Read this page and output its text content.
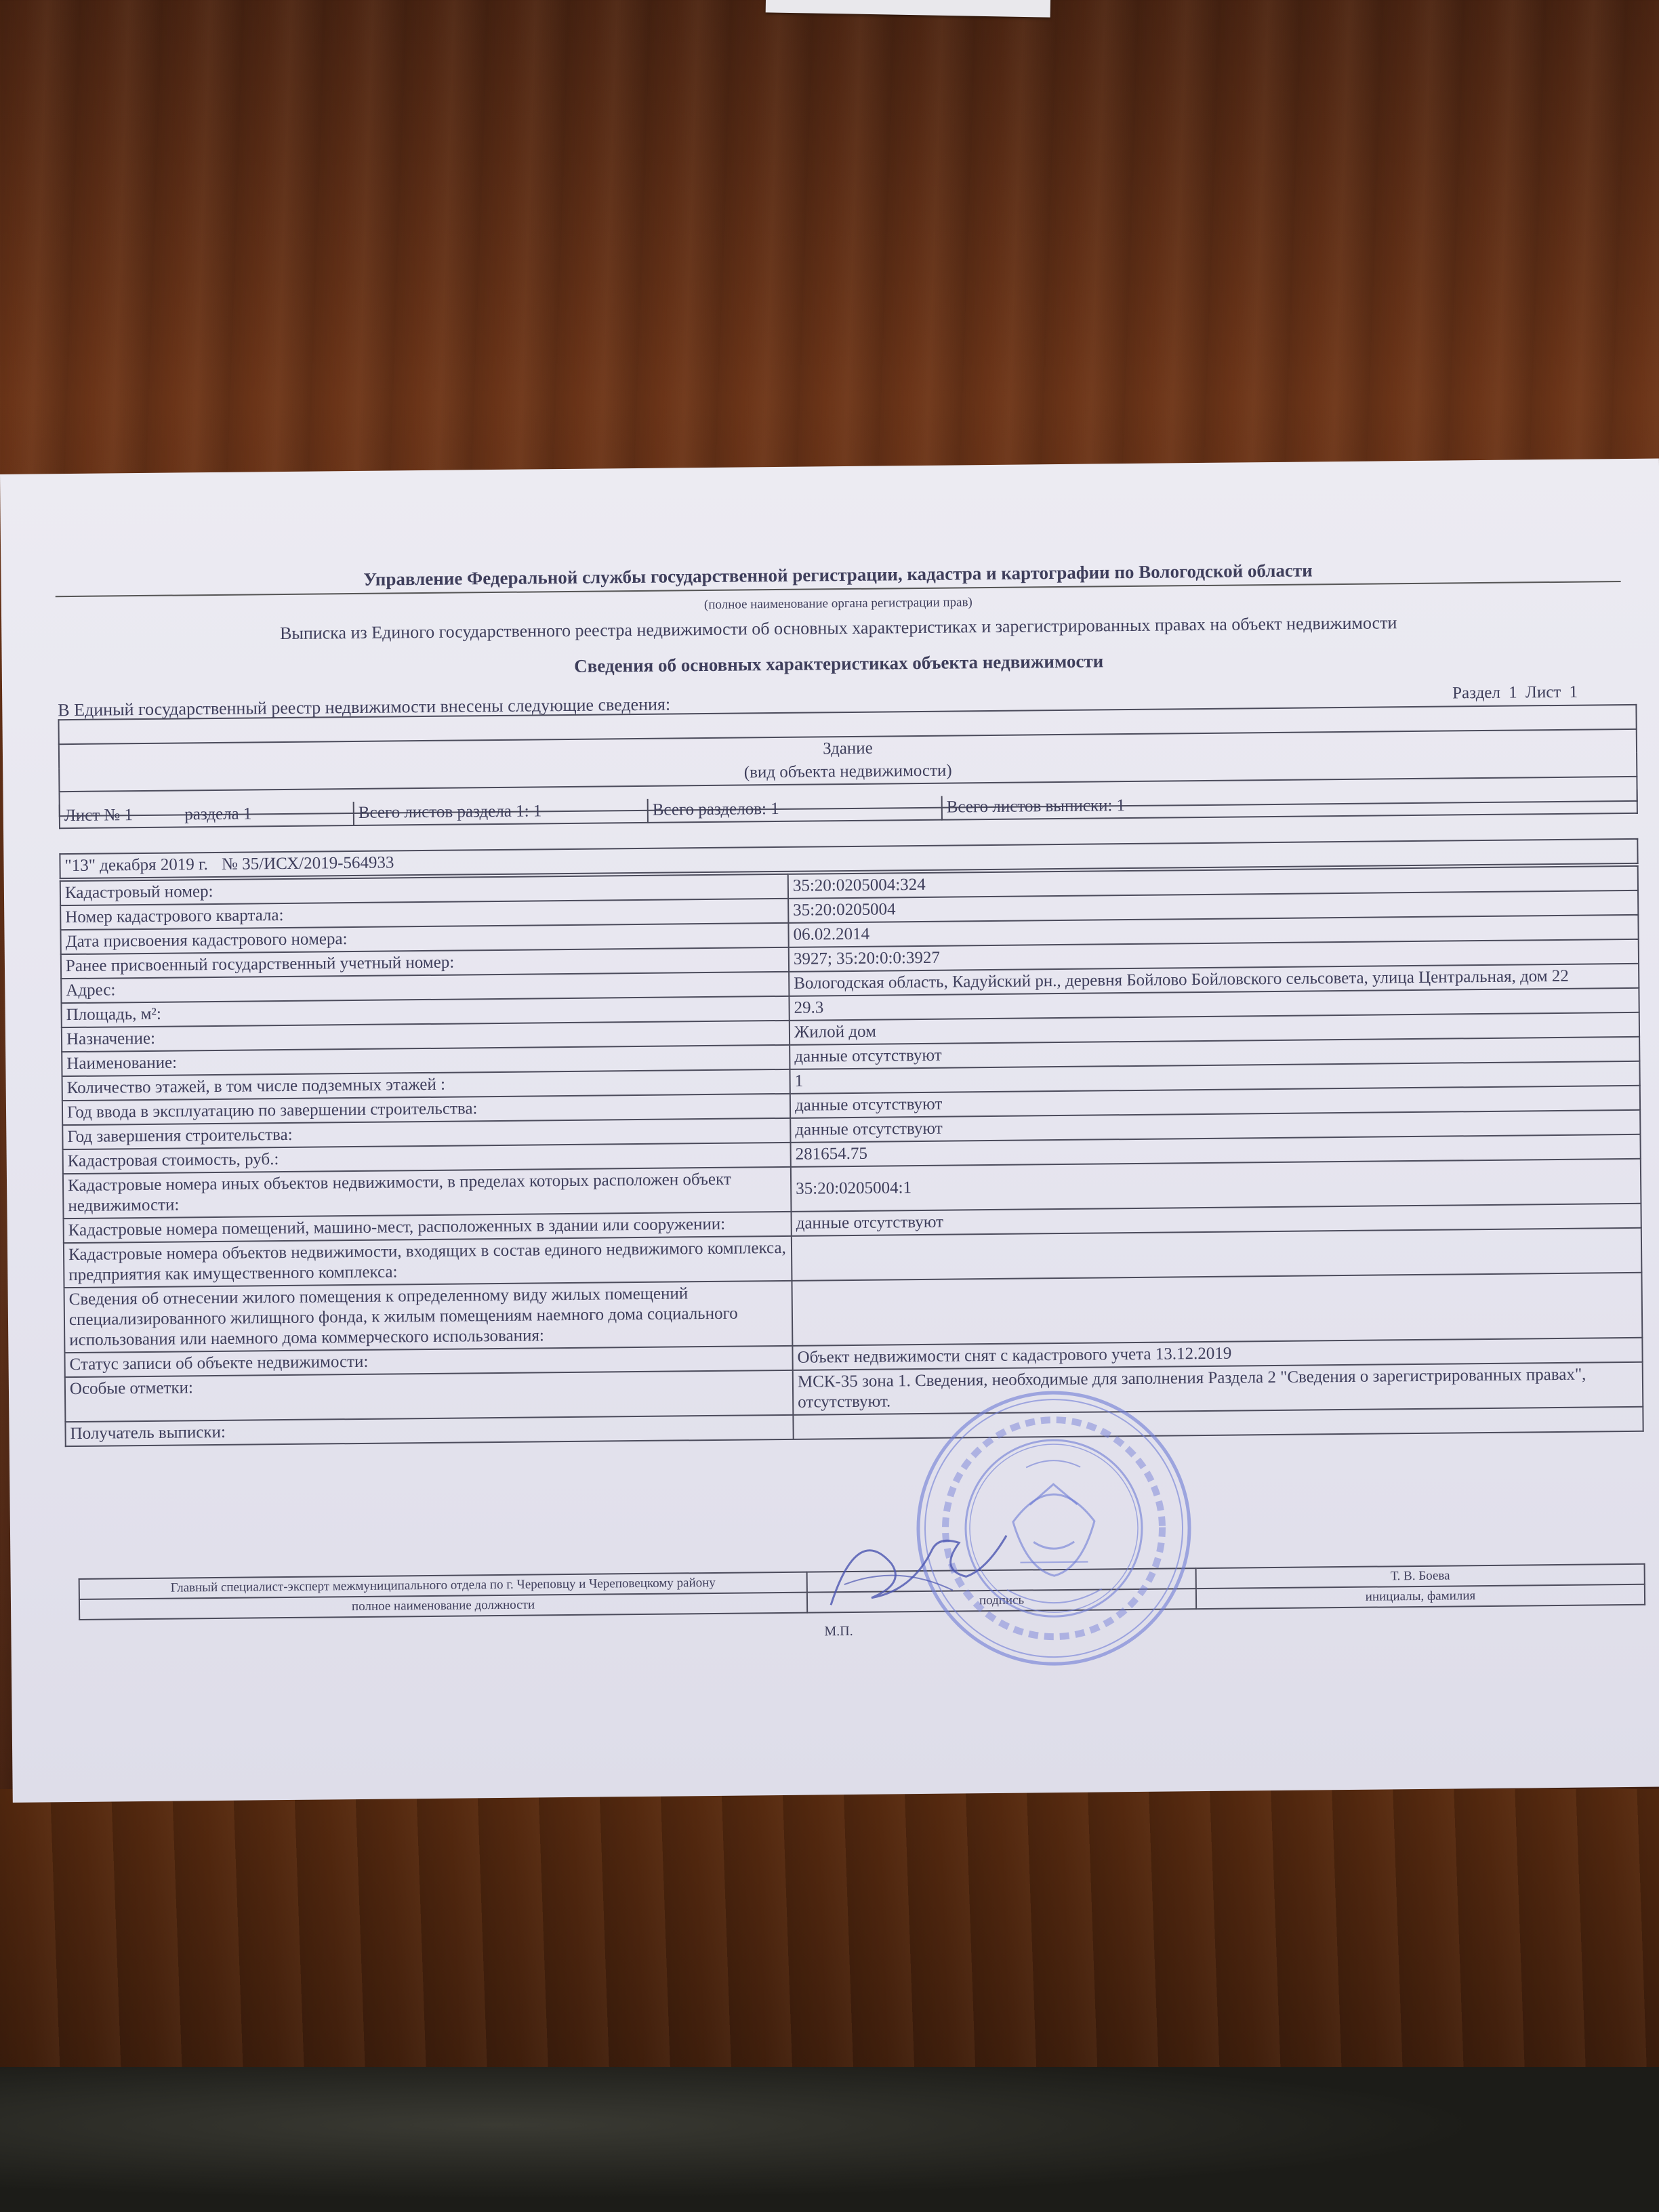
Управление Федеральной службы государственной регистрации, кадастра и картографии по Вологодской области
(полное наименование органа регистрации прав)
Выписка из Единого государственного реестра недвижимости об основных характеристиках и зарегистрированных правах на объект недвижимости
Сведения об основных характеристиках объекта недвижимости
В Единый государственный реестр недвижимости внесены следующие сведения:
Раздел 1 Лист 1

Здание
(вид объекта недвижимости)

Лист № 1	раздела 1	Всего листов раздела 1: 1	Всего разделов: 1	Всего листов выписки: 1
"13" декабря 2019 г. № 35/ИСХ/2019-564933
Кадастровый номер:	35:20:0205004:324
Номер кадастрового квартала:	35:20:0205004
Дата присвоения кадастрового номера:	06.02.2014
Ранее присвоенный государственный учетный номер:	3927; 35:20:0:0:3927
Адрес:	Вологодская область, Кадуйский рн., деревня Бойлово Бойловского сельсовета, улица Центральная, дом 22
Площадь, м²:	29.3
Назначение:	Жилой дом
Наименование:	данные отсутствуют
Количество этажей, в том числе подземных этажей :	1
Год ввода в эксплуатацию по завершении строительства:	данные отсутствуют
Год завершения строительства:	данные отсутствуют
Кадастровая стоимость, руб.:	281654.75
Кадастровые номера иных объектов недвижимости, в пределах которых расположен объект недвижимости:	35:20:0205004:1
Кадастровые номера помещений, машино-мест, расположенных в здании или сооружении:	данные отсутствуют
Кадастровые номера объектов недвижимости, входящих в состав единого недвижимого комплекса, предприятия как имущественного комплекса:	
Сведения об отнесении жилого помещения к определенному виду жилых помещений специализированного жилищного фонда, к жилым помещениям наемного дома социального использования или наемного дома коммерческого использования:	
Статус записи об объекте недвижимости:	Объект недвижимости снят с кадастрового учета 13.12.2019
Особые отметки:	МСК-35 зона 1. Сведения, необходимые для заполнения Раздела 2 "Сведения о зарегистрированных правах", отсутствуют.
Получатель выписки:	
Главный специалист-эксперт межмуниципального отдела по г. Череповцу и Череповецкому району		Т. В. Боева
полное наименование должности	подпись	инициалы, фамилия
М.П.
